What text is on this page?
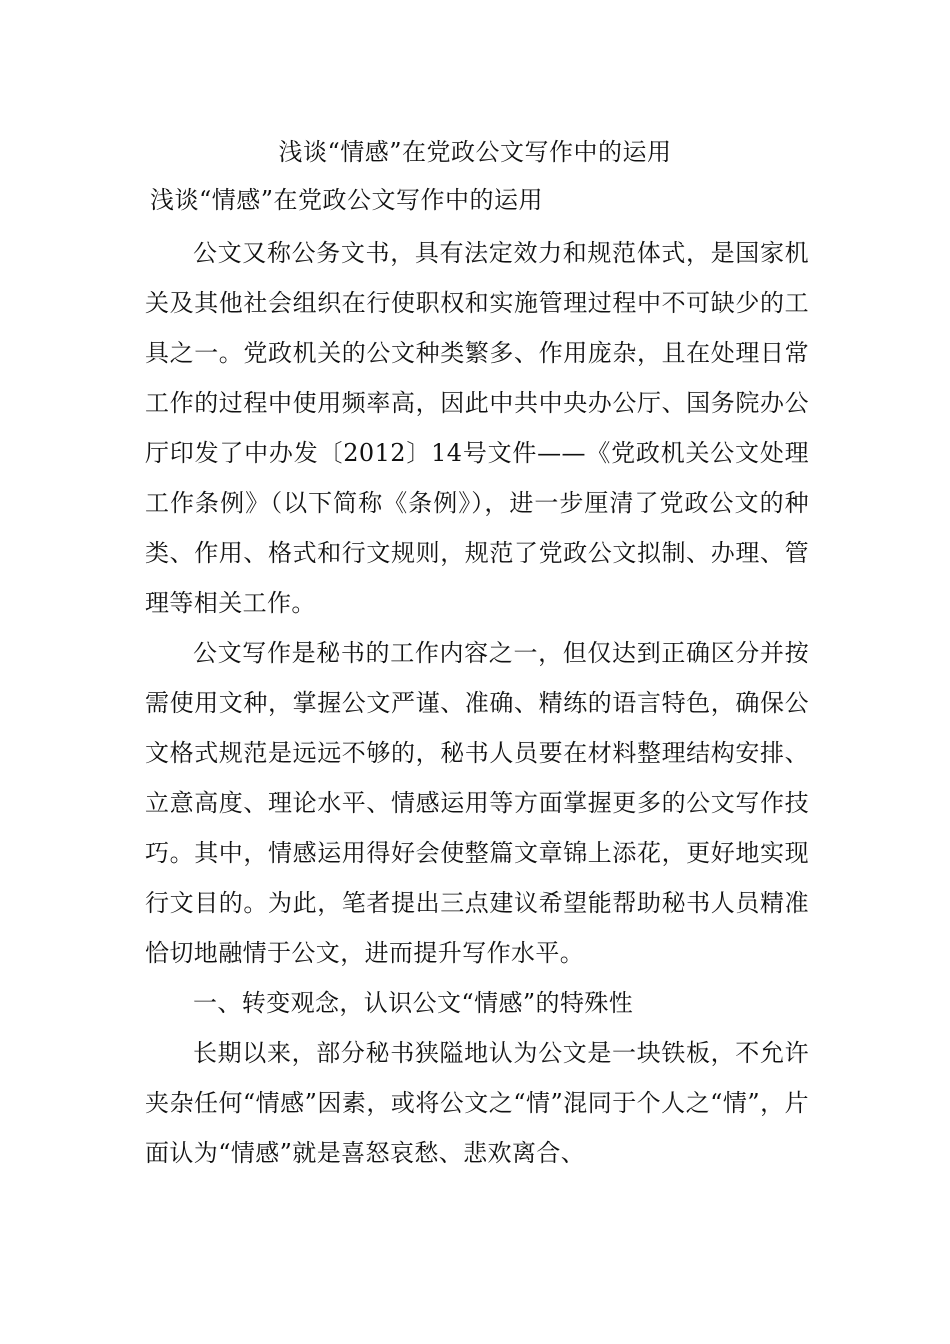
浅谈“情感”在党政公文写作中的运用
浅谈“情感”在党政公文写作中的运用

公文又称公务文书，具有法定效力和规范体式，是国家机关及其他社会组织在行使职权和实施管理过程中不可缺少的工具之一。党政机关的公文种类繁多、作用庞杂，且在处理日常工作的过程中使用频率高，因此中共中央办公厅、国务院办公厅印发了中办发〔2012〕14号文件——《党政机关公文处理工作条例》（以下简称《条例》），进一步厘清了党政公文的种类、作用、格式和行文规则，规范了党政公文拟制、办理、管理等相关工作。

公文写作是秘书的工作内容之一，但仅达到正确区分并按需使用文种，掌握公文严谨、准确、精练的语言特色，确保公文格式规范是远远不够的，秘书人员要在材料整理结构安排、立意高度、理论水平、情感运用等方面掌握更多的公文写作技巧。其中，情感运用得好会使整篇文章锦上添花，更好地实现行文目的。为此，笔者提出三点建议希望能帮助秘书人员精准恰切地融情于公文，进而提升写作水平。

一、转变观念，认识公文“情感”的特殊性

长期以来，部分秘书狭隘地认为公文是一块铁板，不允许夹杂任何“情感”因素，或将公文之“情”混同于个人之“情”，片面认为“情感”就是喜怒哀愁、悲欢离合、
